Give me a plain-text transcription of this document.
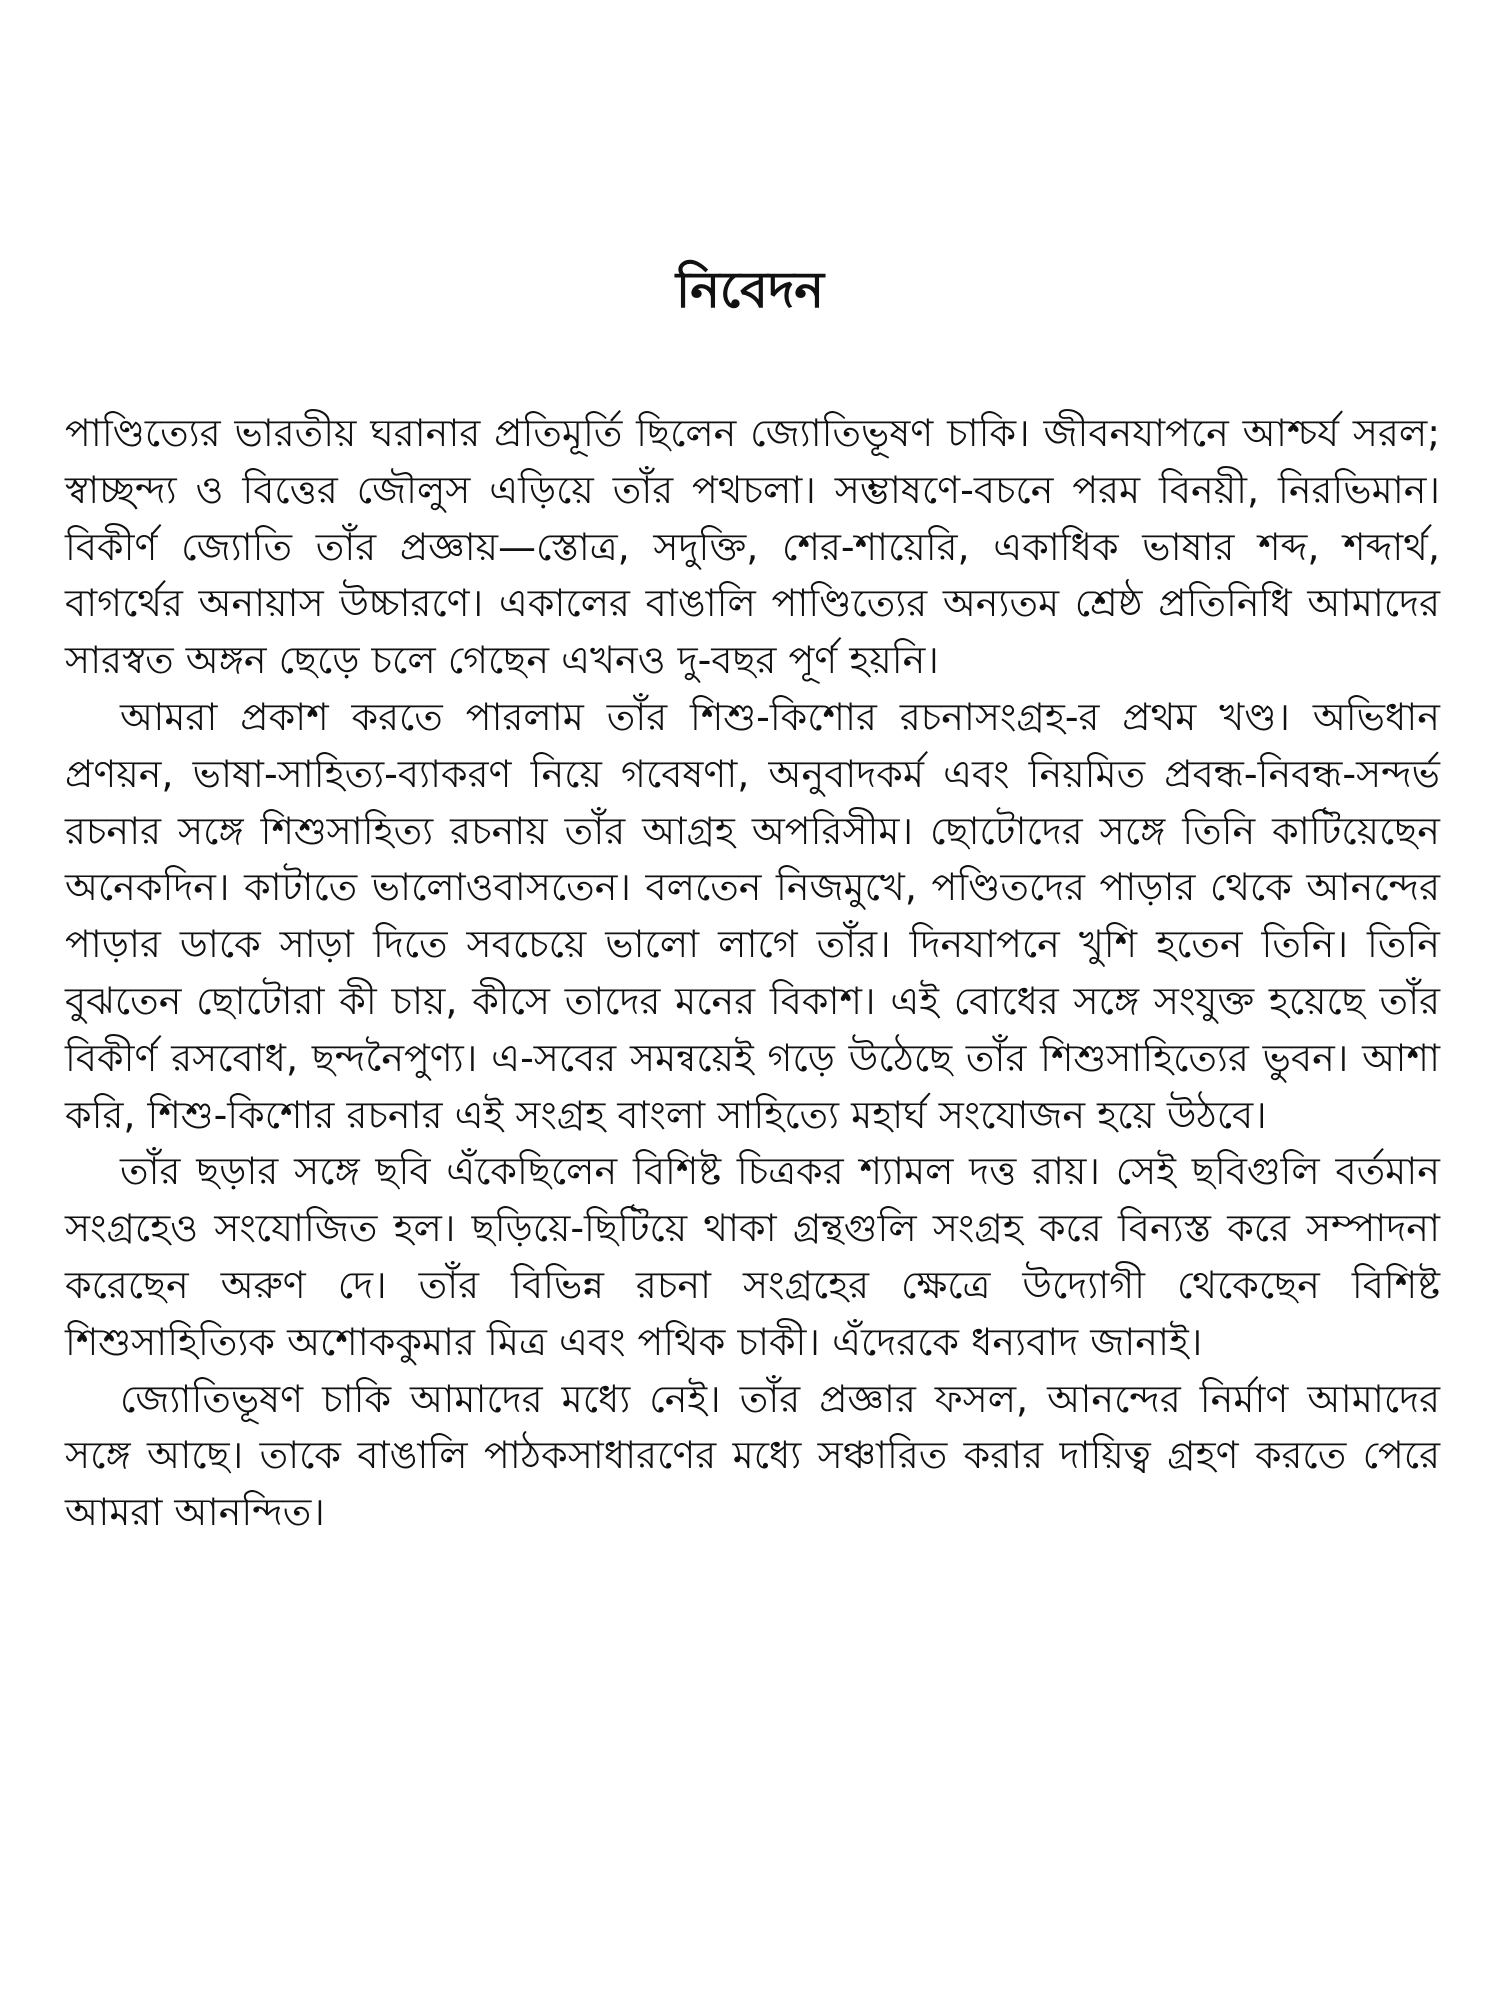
নিবেদন

পাণ্ডিত্যের ভারতীয় ঘরানার প্রতিমূর্তি ছিলেন জ্যোতিভূষণ চাকি। জীবনযাপনে আশ্চর্য সরল; স্বাচ্ছন্দ্য ও বিত্তের জৌলুস এড়িয়ে তাঁর পথচলা। সম্ভাষণে-বচনে পরম বিনয়ী, নিরভিমান। বিকীর্ণ জ্যোতি তাঁর প্রজ্ঞায়—স্তোত্র, সদুক্তি, শের-শায়েরি, একাধিক ভাষার শব্দ, শব্দার্থ, বাগর্থের অনায়াস উচ্চারণে। একালের বাঙালি পাণ্ডিত্যের অন্যতম শ্রেষ্ঠ প্রতিনিধি আমাদের সারস্বত অঙ্গন ছেড়ে চলে গেছেন এখনও দু-বছর পূর্ণ হয়নি।

আমরা প্রকাশ করতে পারলাম তাঁর শিশু-কিশোর রচনাসংগ্রহ-র প্রথম খণ্ড। অভিধান প্রণয়ন, ভাষা-সাহিত্য-ব্যাকরণ নিয়ে গবেষণা, অনুবাদকর্ম এবং নিয়মিত প্রবন্ধ-নিবন্ধ-সন্দর্ভ রচনার সঙ্গে শিশুসাহিত্য রচনায় তাঁর আগ্রহ অপরিসীম। ছোটোদের সঙ্গে তিনি কাটিয়েছেন অনেকদিন। কাটাতে ভালোওবাসতেন। বলতেন নিজমুখে, পণ্ডিতদের পাড়ার থেকে আনন্দের পাড়ার ডাকে সাড়া দিতে সবচেয়ে ভালো লাগে তাঁর। দিনযাপনে খুশি হতেন তিনি। তিনি বুঝতেন ছোটোরা কী চায়, কীসে তাদের মনের বিকাশ। এই বোধের সঙ্গে সংযুক্ত হয়েছে তাঁর বিকীর্ণ রসবোধ, ছন্দনৈপুণ্য। এ-সবের সমন্বয়েই গড়ে উঠেছে তাঁর শিশুসাহিত্যের ভুবন। আশা করি, শিশু-কিশোর রচনার এই সংগ্রহ বাংলা সাহিত্যে মহার্ঘ সংযোজন হয়ে উঠবে।

তাঁর ছড়ার সঙ্গে ছবি এঁকেছিলেন বিশিষ্ট চিত্রকর শ্যামল দত্ত রায়। সেই ছবিগুলি বর্তমান সংগ্রহেও সংযোজিত হল। ছড়িয়ে-ছিটিয়ে থাকা গ্রন্থগুলি সংগ্রহ করে বিন্যস্ত করে সম্পাদনা করেছেন অরুণ দে। তাঁর বিভিন্ন রচনা সংগ্রহের ক্ষেত্রে উদ্যোগী থেকেছেন বিশিষ্ট শিশুসাহিত্যিক অশোককুমার মিত্র এবং পথিক চাকী। এঁদেরকে ধন্যবাদ জানাই।

জ্যোতিভূষণ চাকি আমাদের মধ্যে নেই। তাঁর প্রজ্ঞার ফসল, আনন্দের নির্মাণ আমাদের সঙ্গে আছে। তাকে বাঙালি পাঠকসাধারণের মধ্যে সঞ্চারিত করার দায়িত্ব গ্রহণ করতে পেরে আমরা আনন্দিত।
